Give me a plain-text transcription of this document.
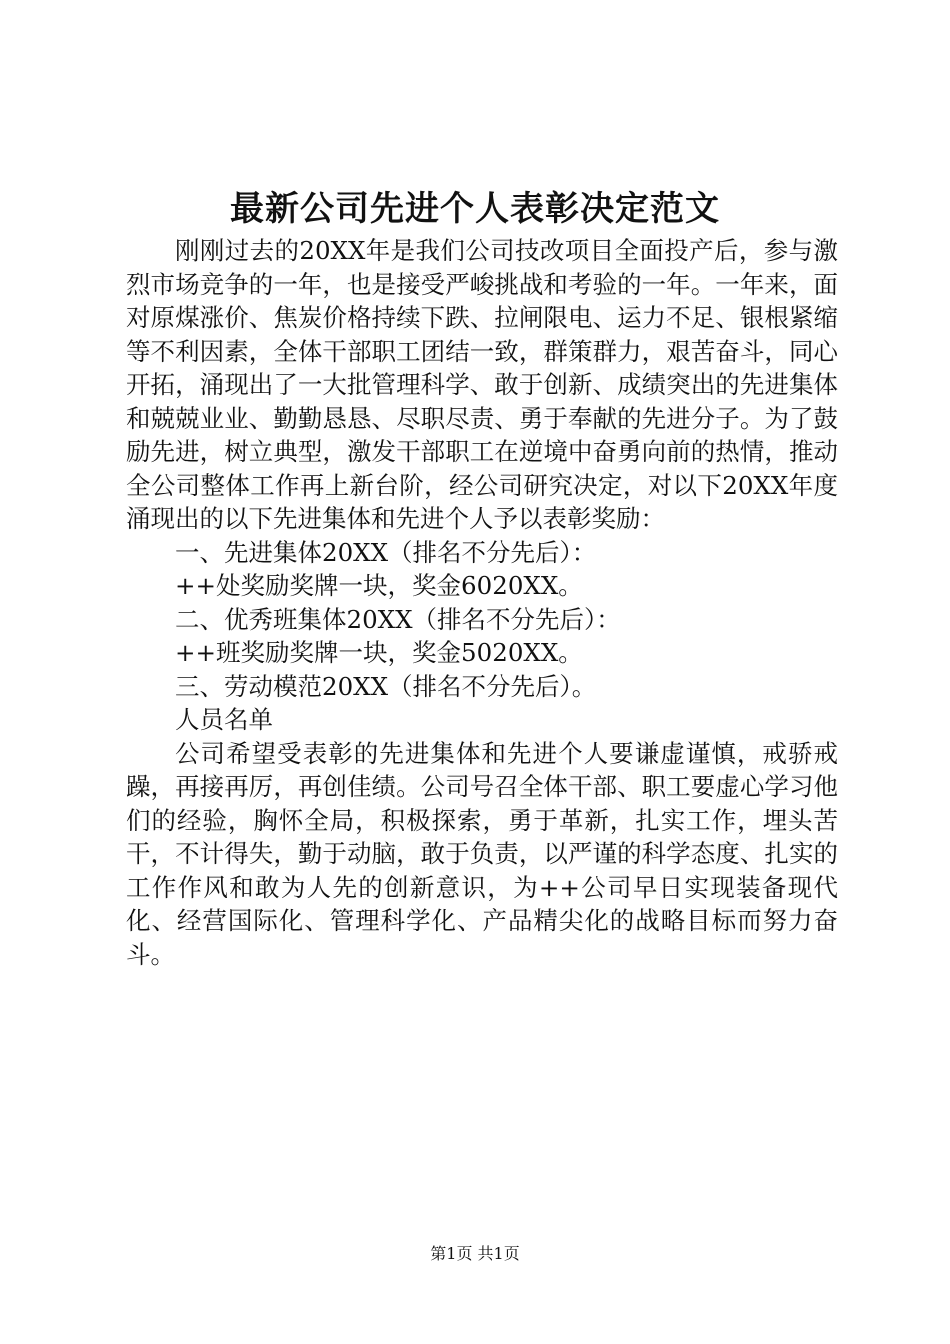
最新公司先进个人表彰决定范文

刚刚过去的20XX年是我们公司技改项目全面投产后，参与激烈市场竞争的一年，也是接受严峻挑战和考验的一年。一年来，面对原煤涨价、焦炭价格持续下跌、拉闸限电、运力不足、银根紧缩等不利因素，全体干部职工团结一致，群策群力，艰苦奋斗，同心开拓，涌现出了一大批管理科学、敢于创新、成绩突出的先进集体和兢兢业业、勤勤恳恳、尽职尽责、勇于奉献的先进分子。为了鼓励先进，树立典型，激发干部职工在逆境中奋勇向前的热情，推动全公司整体工作再上新台阶，经公司研究决定，对以下20XX年度涌现出的以下先进集体和先进个人予以表彰奖励：

一、先进集体20XX（排名不分先后）：

++处奖励奖牌一块，奖金6020XX。

二、优秀班集体20XX（排名不分先后）：

++班奖励奖牌一块，奖金5020XX。

三、劳动模范20XX（排名不分先后）。

人员名单

公司希望受表彰的先进集体和先进个人要谦虚谨慎，戒骄戒躁，再接再厉，再创佳绩。公司号召全体干部、职工要虚心学习他们的经验，胸怀全局，积极探索，勇于革新，扎实工作，埋头苦干，不计得失，勤于动脑，敢于负责，以严谨的科学态度、扎实的工作作风和敢为人先的创新意识，为++公司早日实现装备现代化、经营国际化、管理科学化、产品精尖化的战略目标而努力奋斗。

第1页 共1页
